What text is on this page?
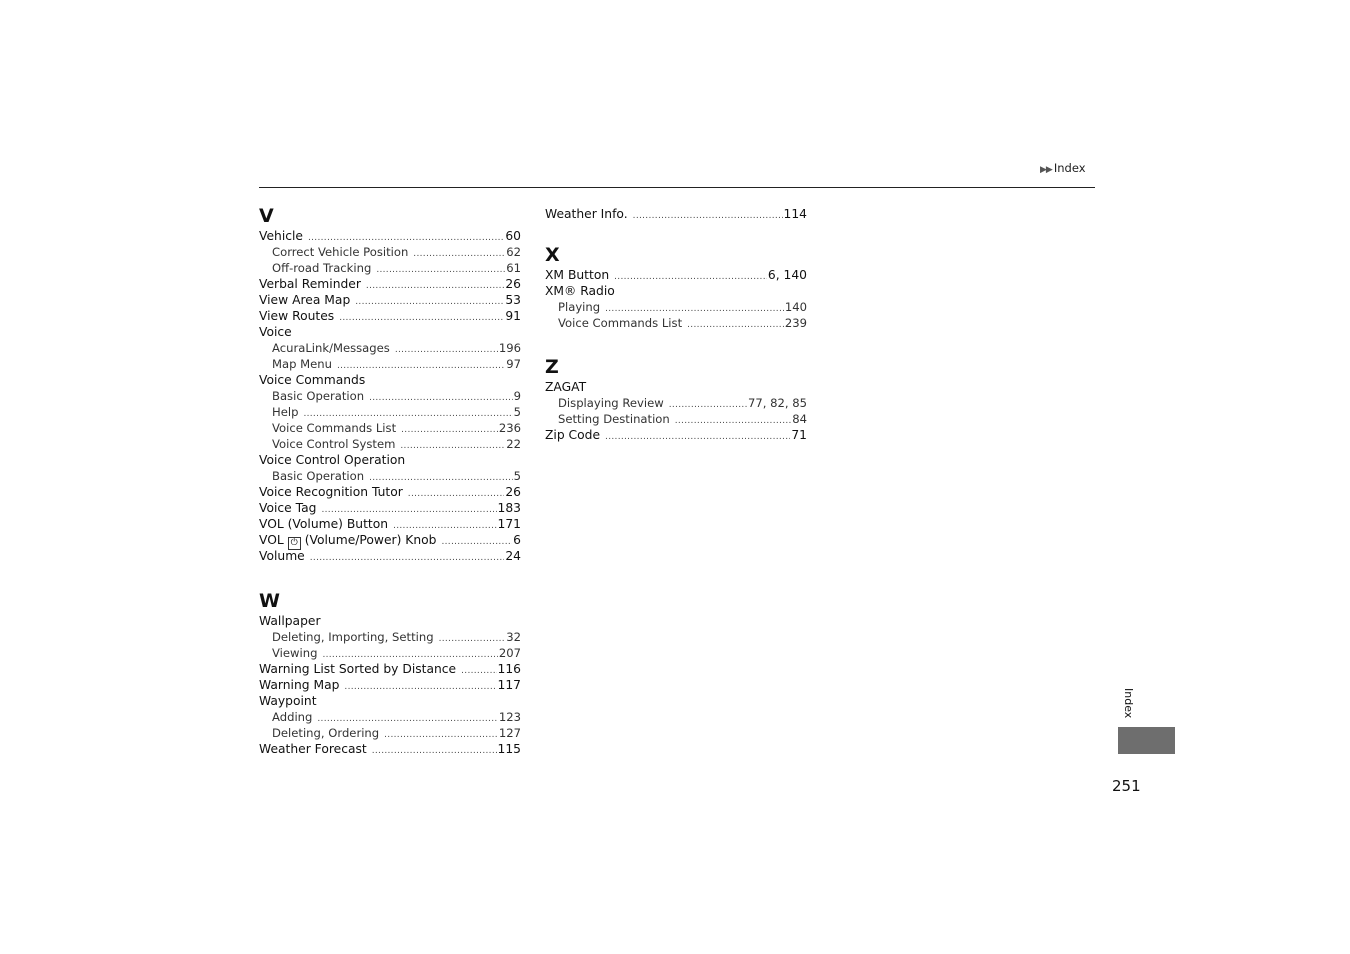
▶▶ Index
V
Vehicle .....	60
Correct Vehicle Position .....	62
Off-road Tracking .....	61
Verbal Reminder .....	26
View Area Map .....	53
View Routes .....	91
Voice
AcuraLink/Messages .....	196
Map Menu .....	97
Voice Commands
Basic Operation .....	9
Help .....	5
Voice Commands List .....	236
Voice Control System .....	22
Voice Control Operation
Basic Operation .....	5
Voice Recognition Tutor .....	26
Voice Tag .....	183
VOL (Volume) Button .....	171
VOL ⏻ (Volume/Power) Knob .....	6
Volume .....	24
W
Wallpaper
Deleting, Importing, Setting .....	32
Viewing .....	207
Warning List Sorted by Distance .....	116
Warning Map .....	117
Waypoint
Adding .....	123
Deleting, Ordering .....	127
Weather Forecast .....	115
Weather Info. .....	114
X
XM Button .....	6, 140
XM® Radio
Playing .....	140
Voice Commands List .....	239
Z
ZAGAT
Displaying Review .....	77, 82, 85
Setting Destination .....	84
Zip Code .....	71
Index
251
